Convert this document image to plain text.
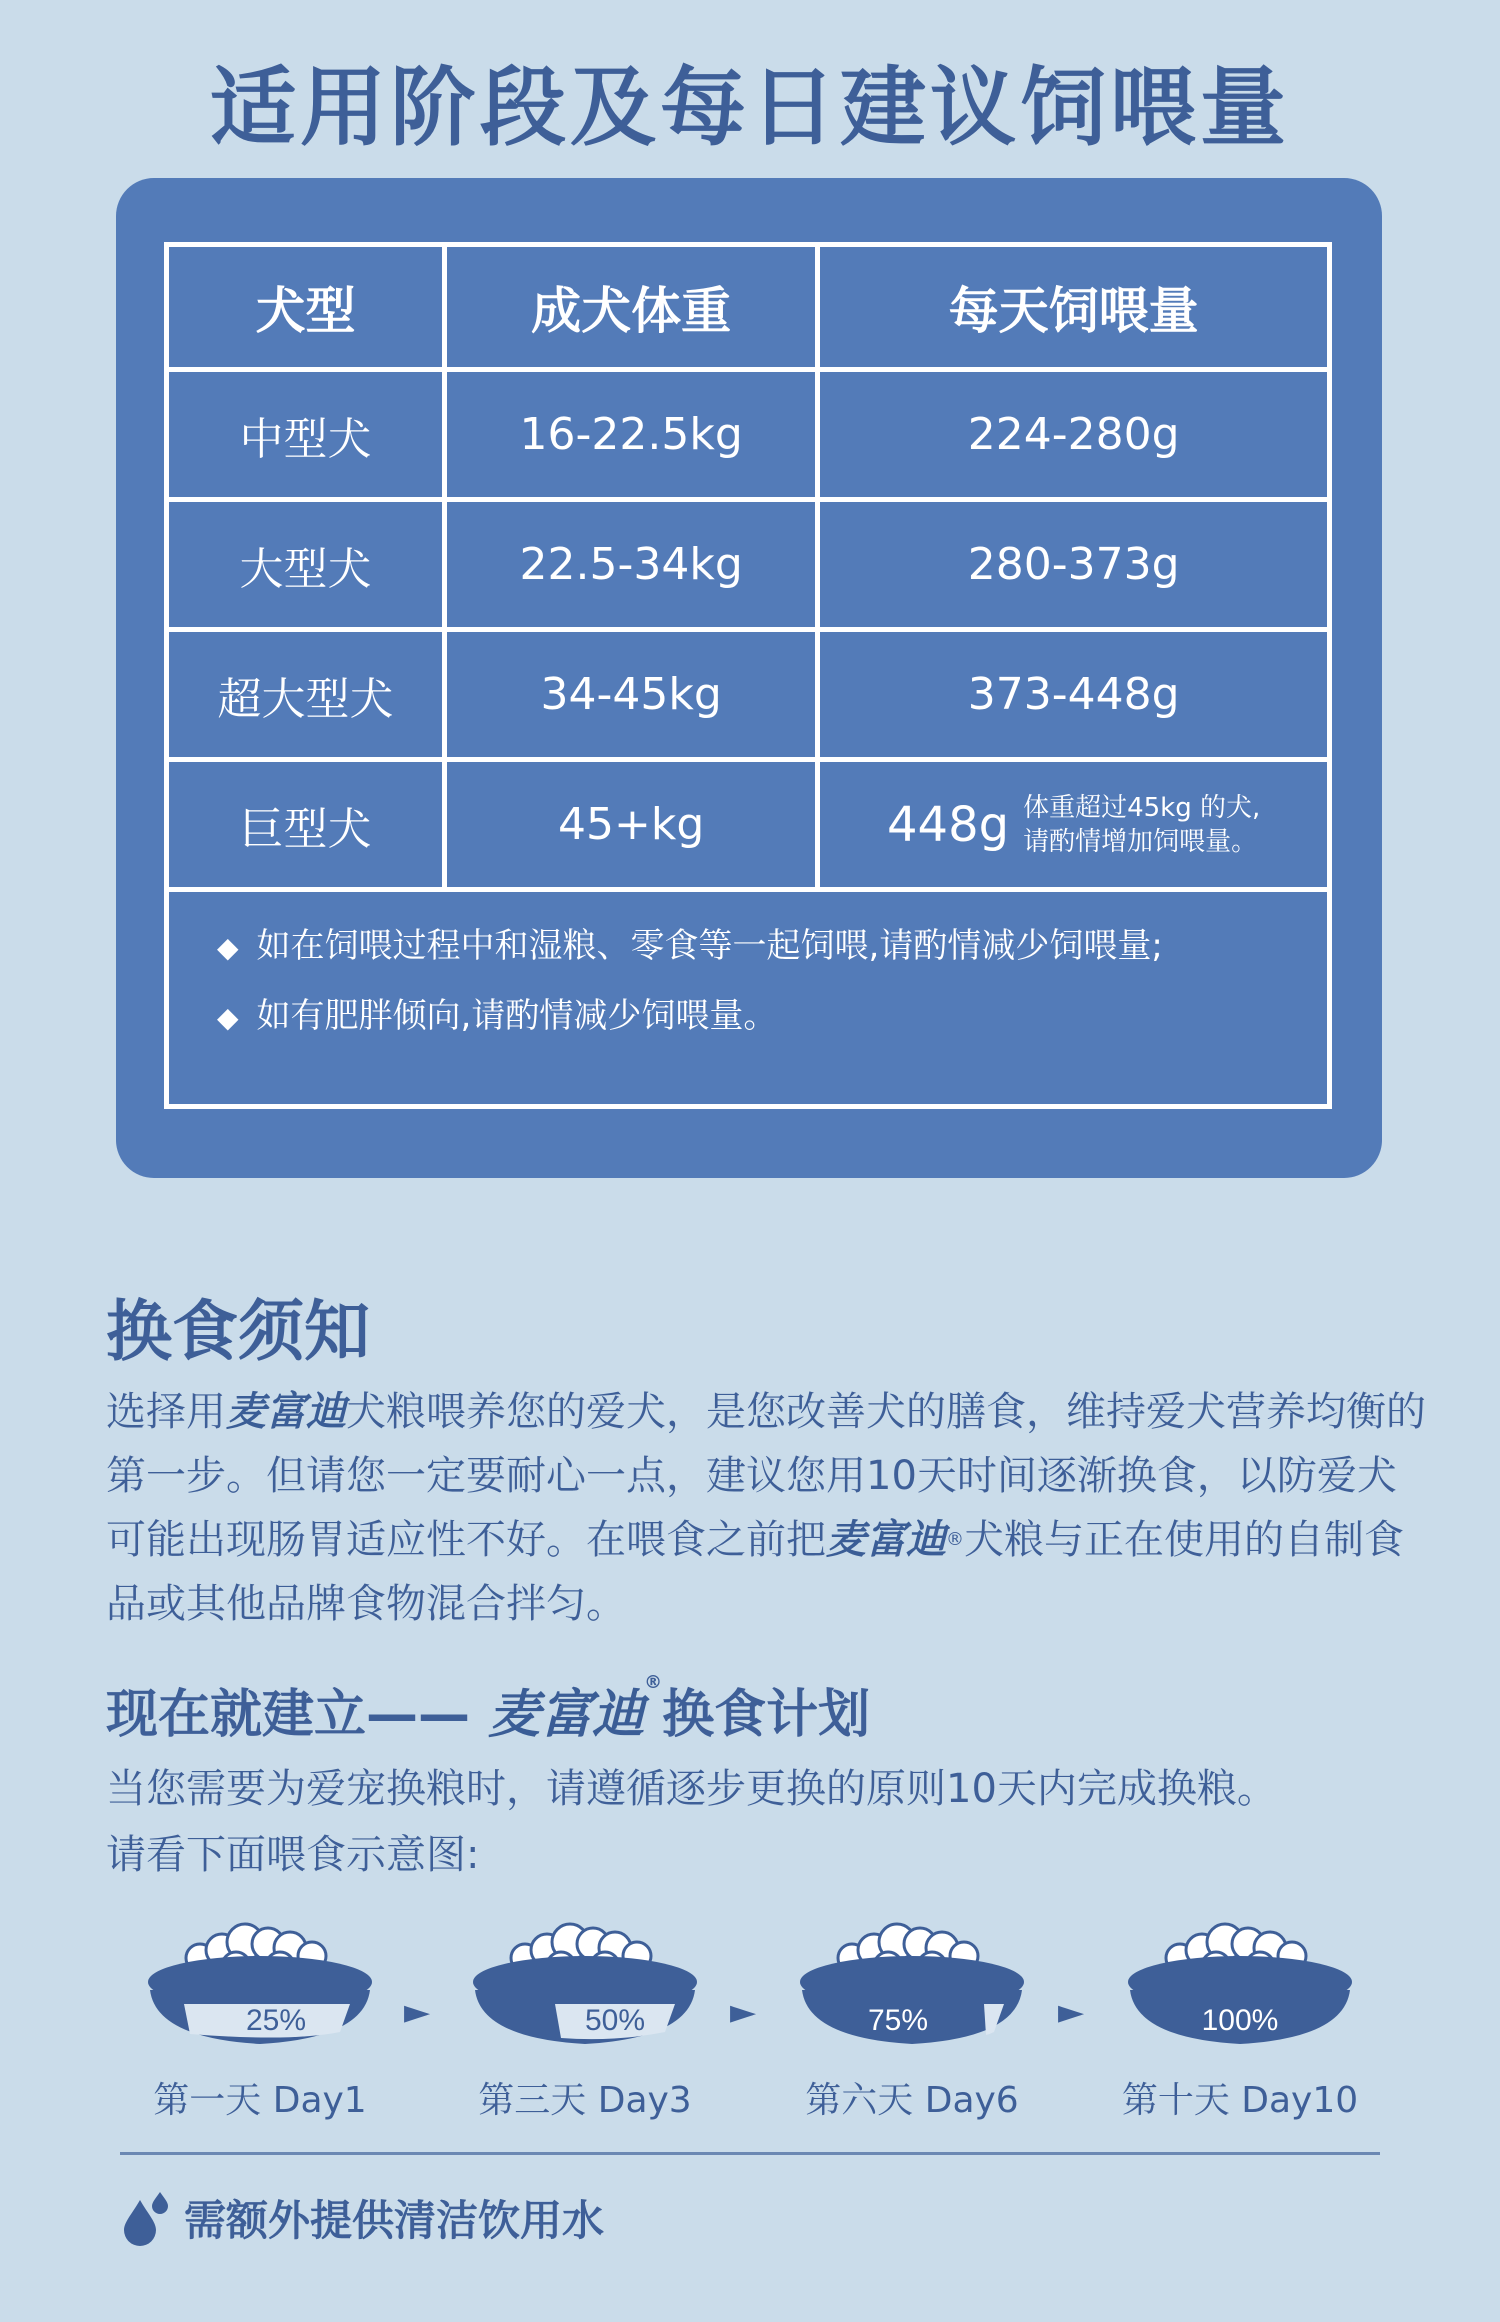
适用阶段及每日建议饲喂量
犬型	成犬体重	每天饲喂量
中型犬	16-22.5kg	224-280g
大型犬	22.5-34kg	280-373g
超大型犬	34-45kg	373-448g
巨型犬	45+kg	448g 体重超过45kg 的犬,
请酌情增加饲喂量。

◆ 如在饲喂过程中和湿粮、零食等一起饲喂,请酌情减少饲喂量;
◆ 如有肥胖倾向,请酌情减少饲喂量。		
换食须知
选择用麦富迪犬粮喂养您的爱犬，是您改善犬的膳食，维持爱犬营养均衡的第一步。但请您一定要耐心一点，建议您用10天时间逐渐换食，以防爱犬可能出现肠胃适应性不好。在喂食之前把麦富迪®犬粮与正在使用的自制食品或其他品牌食物混合拌匀。
现在就建立—— 麦富迪®换食计划
当您需要为爱宠换粮时，请遵循逐步更换的原则10天内完成换粮。
请看下面喂食示意图:
25%
第一天 Day1
►	50%
第三天 Day3
►	75%
第六天 Day6
►	100%
第十天 Day10
需额外提供清洁饮用水
